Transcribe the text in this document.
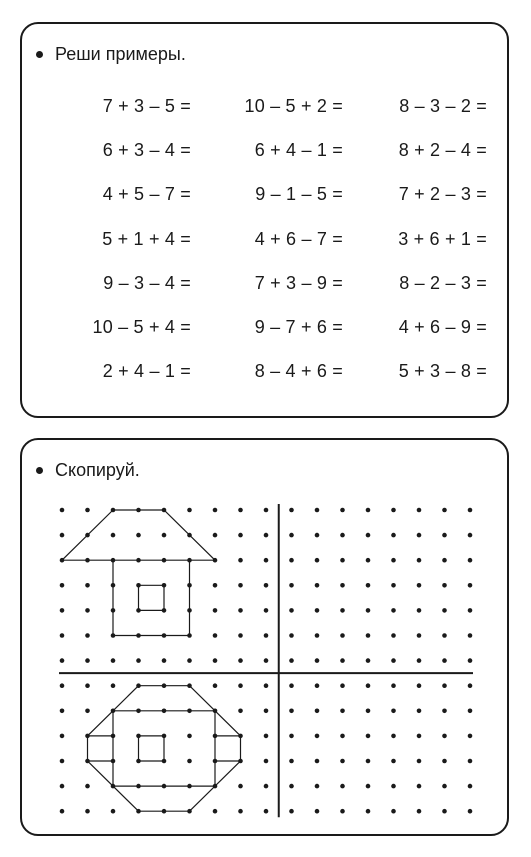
Реши примеры.
7 + 3 – 5 =	10 – 5 + 2 =	8 – 3 – 2 =
6 + 3 – 4 =	6 + 4 – 1 =	8 + 2 – 4 =
4 + 5 – 7 =	9 – 1 – 5 =	7 + 2 – 3 =
5 + 1 + 4 =	4 + 6 – 7 =	3 + 6 + 1 =
9 – 3 – 4 =	7 + 3 – 9 =	8 – 2 – 3 =
10 – 5 + 4 =	9 – 7 + 6 =	4 + 6 – 9 =
2 + 4 – 1 =	8 – 4 + 6 =	5 + 3 – 8 =
Скопируй.
